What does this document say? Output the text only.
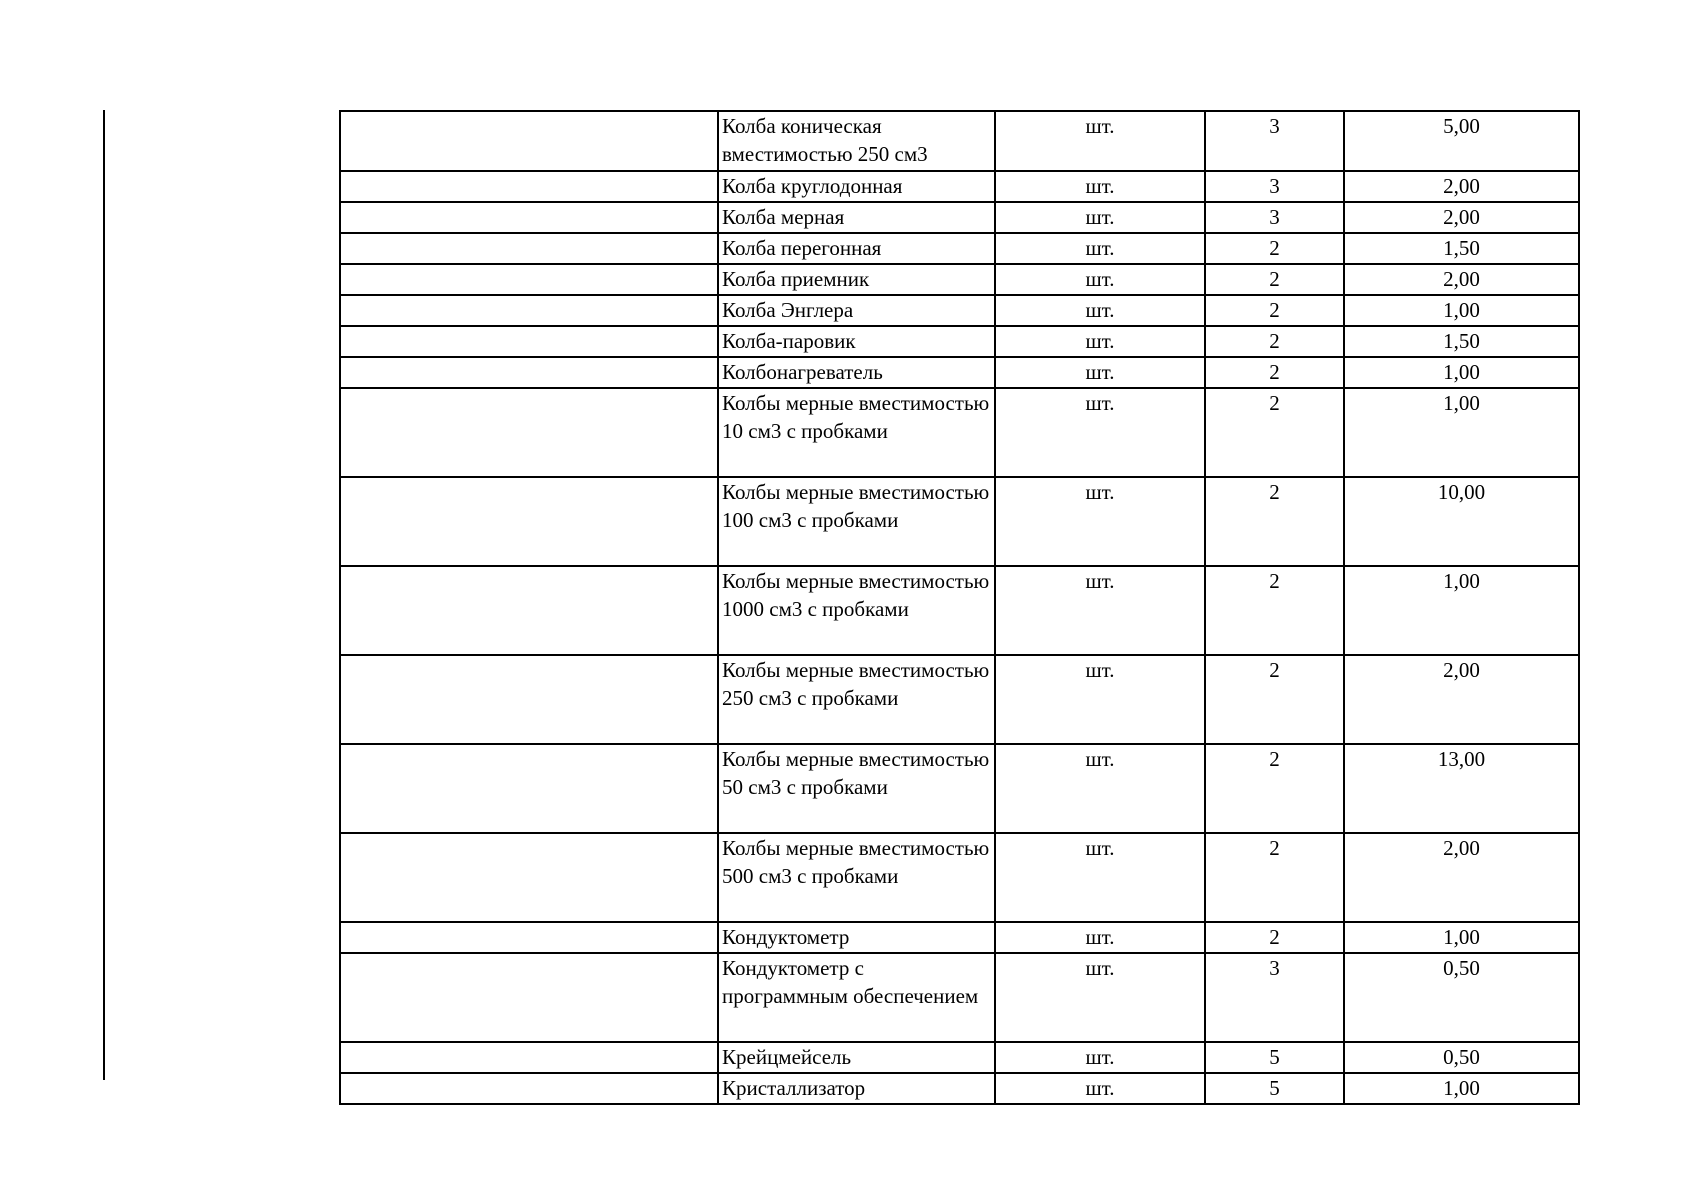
	Колба коническая вместимостью 250 см3	шт.	3	5,00
	Колба круглодонная	шт.	3	2,00
	Колба мерная	шт.	3	2,00
	Колба перегонная	шт.	2	1,50
	Колба приемник	шт.	2	2,00
	Колба Энглера	шт.	2	1,00
	Колба-паровик	шт.	2	1,50
	Колбонагреватель	шт.	2	1,00
	Колбы мерные вместимостью 10 см3 с пробками	шт.	2	1,00
	Колбы мерные вместимостью 100 см3 с пробками	шт.	2	10,00
	Колбы мерные вместимостью 1000 см3 с пробками	шт.	2	1,00
	Колбы мерные вместимостью 250 см3 с пробками	шт.	2	2,00
	Колбы мерные вместимостью 50 см3 с пробками	шт.	2	13,00
	Колбы мерные вместимостью 500 см3 с пробками	шт.	2	2,00
	Кондуктометр	шт.	2	1,00
	Кондуктометр с программным обеспечением	шт.	3	0,50
	Крейцмейсель	шт.	5	0,50
	Кристаллизатор	шт.	5	1,00
